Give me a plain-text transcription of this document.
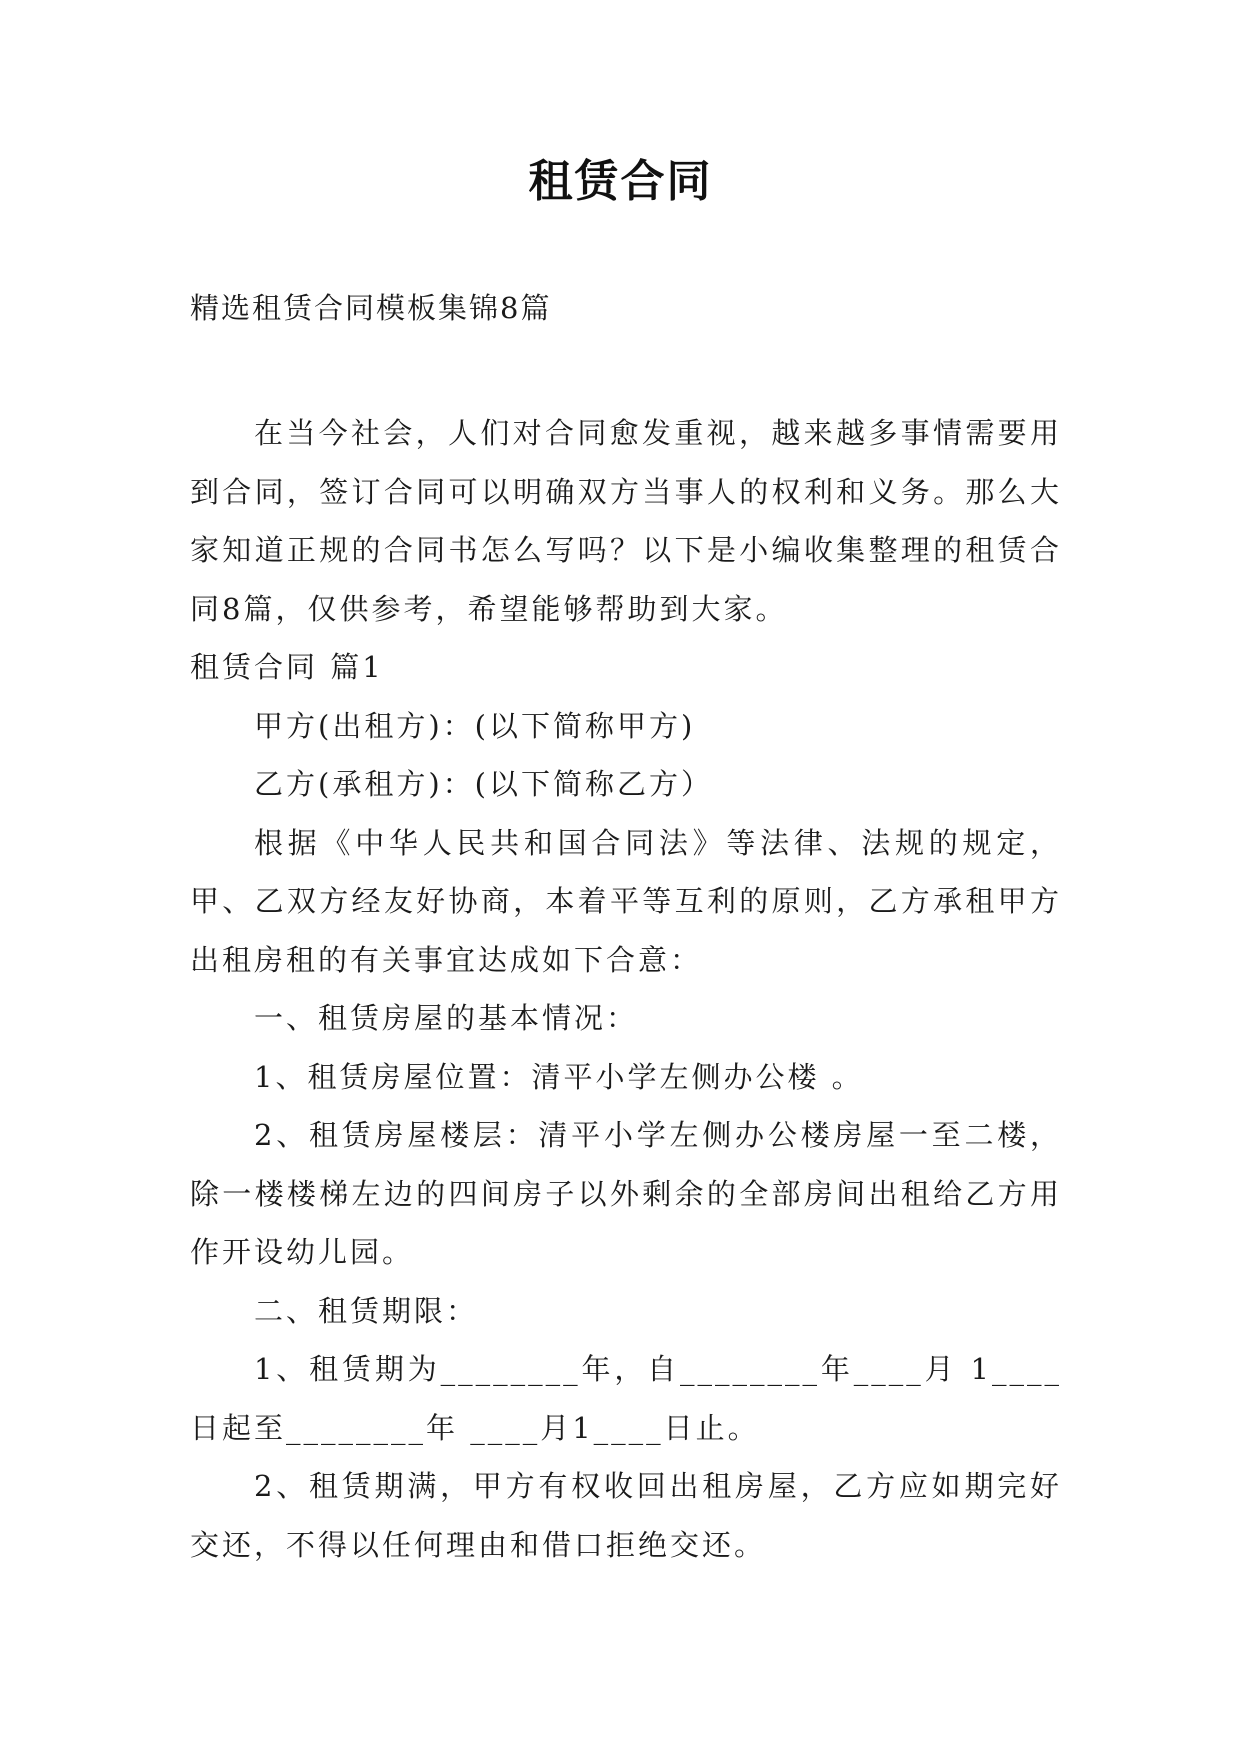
租赁合同
精选租赁合同模板集锦8篇

在当今社会，人们对合同愈发重视，越来越多事情需要用到合同，签订合同可以明确双方当事人的权利和义务。那么大家知道正规的合同书怎么写吗？以下是小编收集整理的租赁合同8篇，仅供参考，希望能够帮助到大家。

租赁合同 篇1

甲方(出租方)：(以下简称甲方)

乙方(承租方)：(以下简称乙方）

根据《中华人民共和国合同法》等法律、法规的规定，甲、乙双方经友好协商，本着平等互利的原则，乙方承租甲方出租房租的有关事宜达成如下合意：

一、租赁房屋的基本情况：

1、租赁房屋位置：清平小学左侧办公楼 。

2、租赁房屋楼层：清平小学左侧办公楼房屋一至二楼，除一楼楼梯左边的四间房子以外剩余的全部房间出租给乙方用作开设幼儿园。

二、租赁期限：

1、租赁期为________年，自________年____月 1____日起至________年 ____月1____日止。

2、租赁期满，甲方有权收回出租房屋，乙方应如期完好交还，不得以任何理由和借口拒绝交还。
